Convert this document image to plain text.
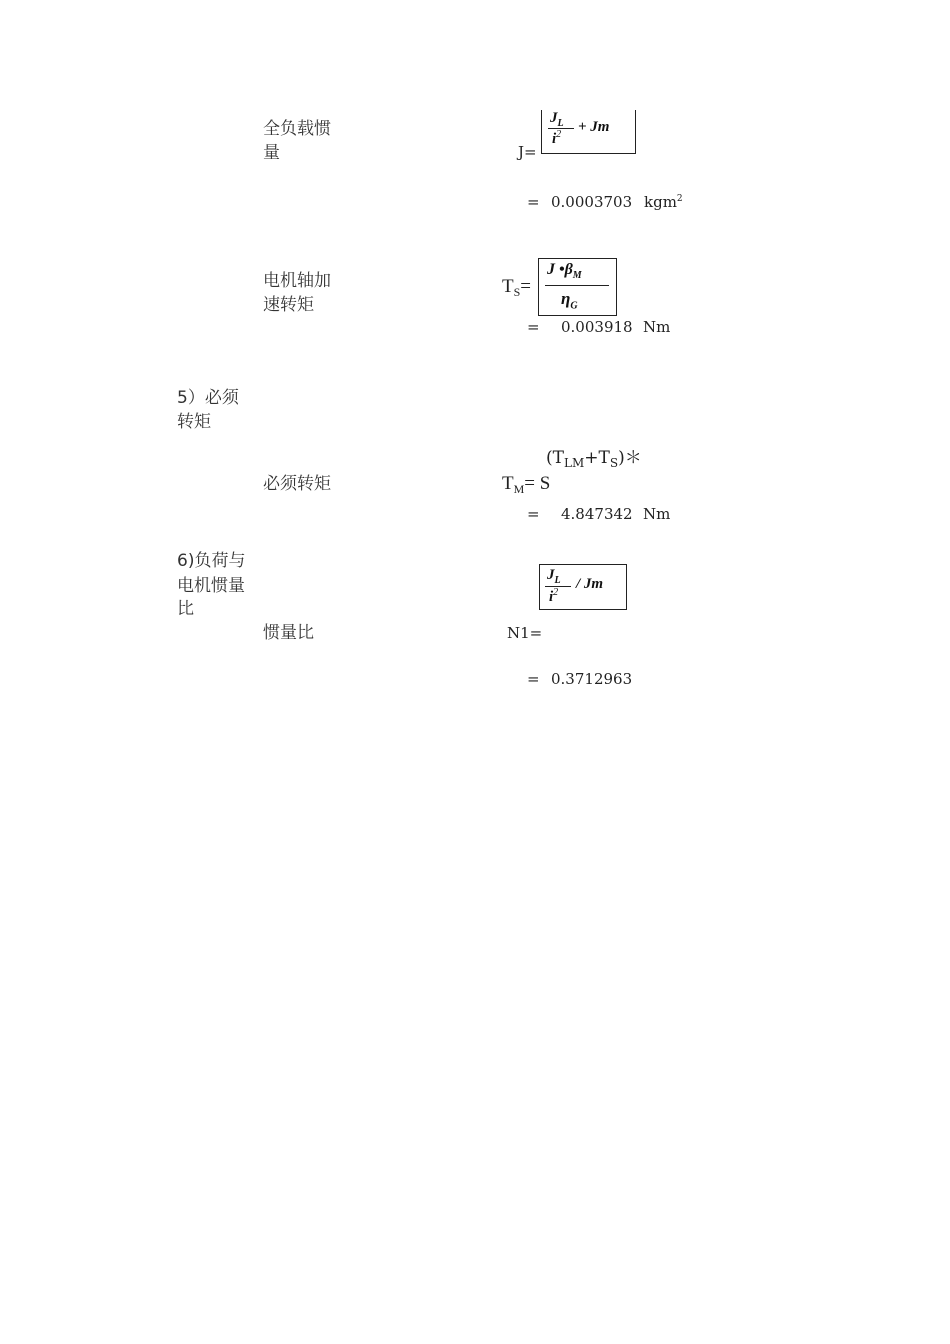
全负载惯
量	J=
$J_L$
$i^2 + Jm$
= 0.0003703 kgm$^2$
电机轴加
速转矩
$T_S=$
J $•\beta_M$
$\eta_G$
= 0.003918 Nm
5）必须
转矩
$(T_{LM}+T_S)*$
必须转矩	$T_M= S$
= 4.847342 Nm
6)负荷与
电机惯量
比
$J_L$
$i^2$
/ Jm
惯量比	N1=
= 0.3712963
